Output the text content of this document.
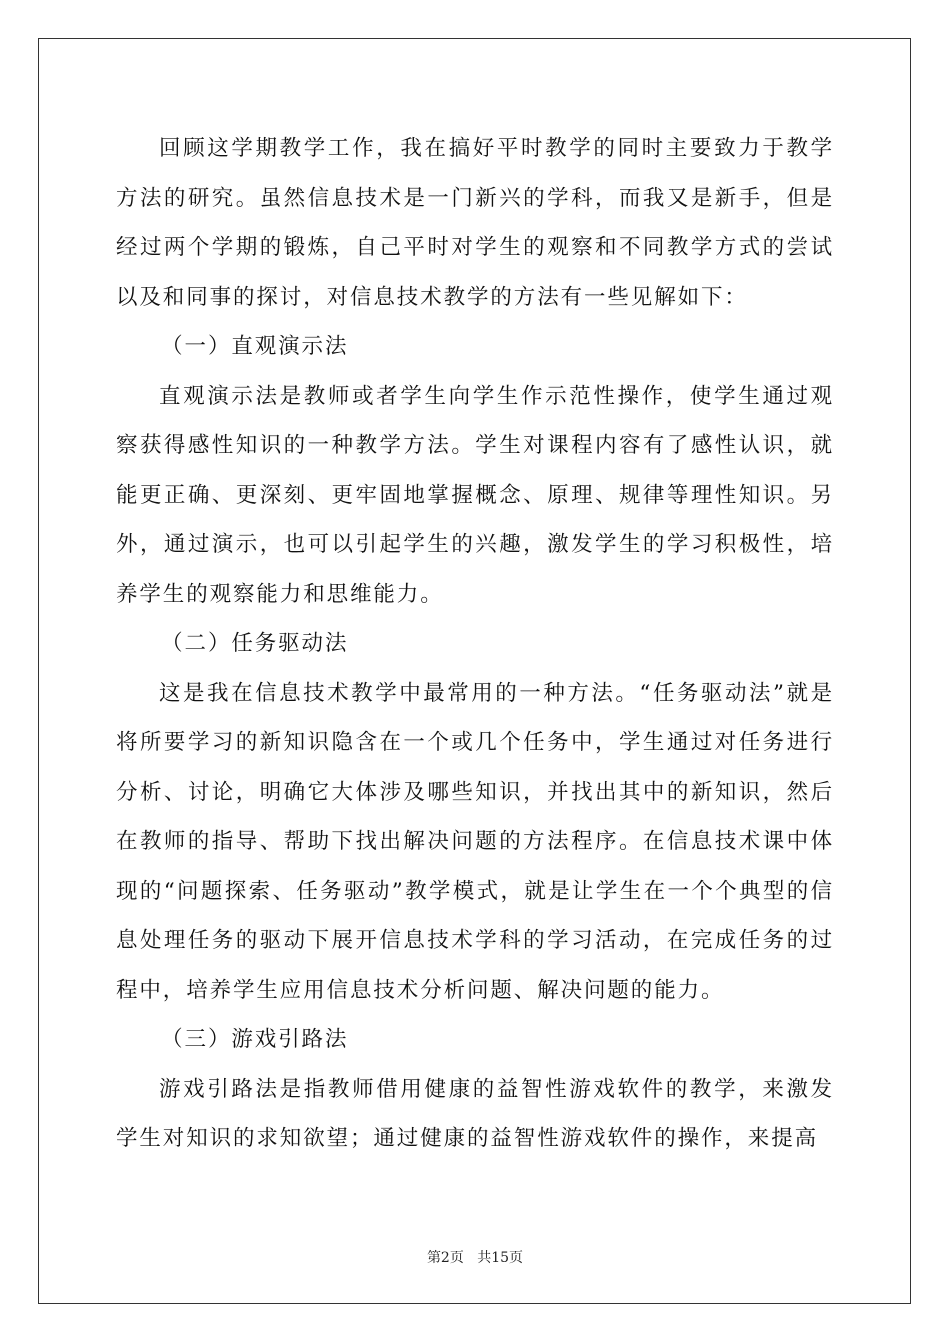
回顾这学期教学工作，我在搞好平时教学的同时主要致力于教学方法的研究。虽然信息技术是一门新兴的学科，而我又是新手，但是经过两个学期的锻炼，自己平时对学生的观察和不同教学方式的尝试以及和同事的探讨，对信息技术教学的方法有一些见解如下：

（一）直观演示法

直观演示法是教师或者学生向学生作示范性操作，使学生通过观察获得感性知识的一种教学方法。学生对课程内容有了感性认识，就能更正确、更深刻、更牢固地掌握概念、原理、规律等理性知识。另外，通过演示，也可以引起学生的兴趣，激发学生的学习积极性，培养学生的观察能力和思维能力。

（二）任务驱动法

这是我在信息技术教学中最常用的一种方法。“任务驱动法”就是将所要学习的新知识隐含在一个或几个任务中，学生通过对任务进行分析、讨论，明确它大体涉及哪些知识，并找出其中的新知识，然后在教师的指导、帮助下找出解决问题的方法程序。在信息技术课中体现的“问题探索、任务驱动”教学模式，就是让学生在一个个典型的信息处理任务的驱动下展开信息技术学科的学习活动，在完成任务的过程中，培养学生应用信息技术分析问题、解决问题的能力。

（三）游戏引路法

游戏引路法是指教师借用健康的益智性游戏软件的教学，来激发学生对知识的求知欲望；通过健康的益智性游戏软件的操作，来提高

第2页 共15页
